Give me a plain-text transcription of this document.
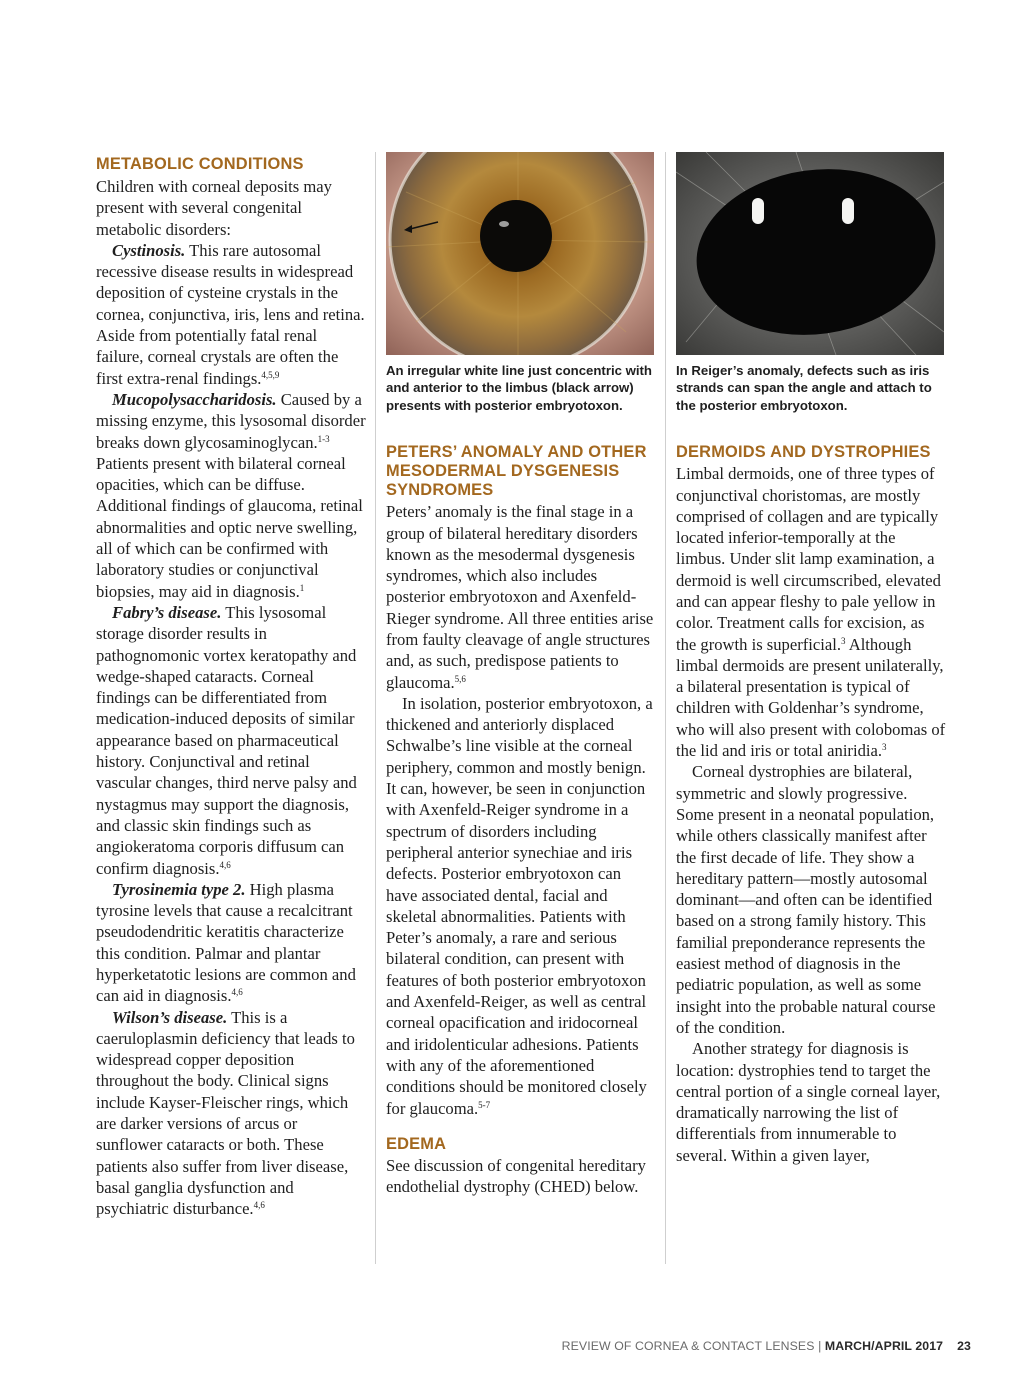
METABOLIC CONDITIONS

Children with corneal deposits may present with several congenital metabolic disorders:

Cystinosis. This rare autosomal recessive disease results in widespread deposition of cysteine crystals in the cornea, conjunctiva, iris, lens and retina. Aside from potentially fatal renal failure, corneal crystals are often the first extra-renal findings.$^{4,5,9}$

Mucopolysaccharidosis. Caused by a missing enzyme, this lysosomal disorder breaks down glycosaminoglycan.$^{1-3}$ Patients present with bilateral corneal opacities, which can be diffuse. Additional findings of glaucoma, retinal abnormalities and optic nerve swelling, all of which can be confirmed with laboratory studies or conjunctival biopsies, may aid in diagnosis.$^1$

Fabry’s disease. This lysosomal storage disorder results in pathognomonic vortex keratopathy and wedge-shaped cataracts. Corneal findings can be differentiated from medication-induced deposits of similar appearance based on pharmaceutical history. Conjunctival and retinal vascular changes, third nerve palsy and nystagmus may support the diagnosis, and classic skin findings such as angiokeratoma corporis diffusum can confirm diagnosis.$^{4,6}$

Tyrosinemia type 2. High plasma tyrosine levels that cause a recalcitrant pseudodendritic keratitis characterize this condition. Palmar and plantar hyperketatotic lesions are common and can aid in diagnosis.$^{4,6}$

Wilson’s disease. This is a caeruloplasmin deficiency that leads to widespread copper deposition throughout the body. Clinical signs include Kayser-Fleischer rings, which are darker versions of arcus or sunflower cataracts or both. These patients also suffer from liver disease, basal ganglia dysfunction and psychiatric disturbance.$^{4,6}$

An irregular white line just concentric with and anterior to the limbus (black arrow) presents with posterior embryotoxon.
PETERS’ ANOMALY AND OTHER MESODERMAL DYSGENESIS SYNDROMES

Peters’ anomaly is the final stage in a group of bilateral hereditary disorders known as the mesodermal dysgenesis syndromes, which also includes posterior embryotoxon and Axenfeld-Rieger syndrome. All three entities arise from faulty cleavage of angle structures and, as such, predispose patients to glaucoma.$^{5,6}$

In isolation, posterior embryotoxon, a thickened and anteriorly displaced Schwalbe’s line visible at the corneal periphery, common and mostly benign. It can, however, be seen in conjunction with Axenfeld-Reiger syndrome in a spectrum of disorders including peripheral anterior synechiae and iris defects. Posterior embryotoxon can have associated dental, facial and skeletal abnormalities. Patients with Peter’s anomaly, a rare and serious bilateral condition, can present with features of both posterior embryotoxon and Axenfeld-Reiger, as well as central corneal opacification and iridocorneal and iridolenticular adhesions. Patients with any of the aforementioned conditions should be monitored closely for glaucoma.$^{5-7}$

EDEMA

See discussion of congenital hereditary endothelial dystrophy (CHED) below.

In Reiger’s anomaly, defects such as iris strands can span the angle and attach to the posterior embryotoxon.
DERMOIDS AND DYSTROPHIES

Limbal dermoids, one of three types of conjunctival choristomas, are mostly comprised of collagen and are typically located inferior-temporally at the limbus. Under slit lamp examination, a dermoid is well circumscribed, elevated and can appear fleshy to pale yellow in color. Treatment calls for excision, as the growth is superficial.$^3$ Although limbal dermoids are present unilaterally, a bilateral presentation is typical of children with Goldenhar’s syndrome, who will also present with colobomas of the lid and iris or total aniridia.$^3$

Corneal dystrophies are bilateral, symmetric and slowly progressive. Some present in a neonatal population, while others classically manifest after the first decade of life. They show a hereditary pattern—mostly autosomal dominant—and often can be identified based on a strong family history. This familial preponderance represents the easiest method of diagnosis in the pediatric population, as well as some insight into the probable natural course of the condition.

Another strategy for diagnosis is location: dystrophies tend to target the central portion of a single corneal layer, dramatically narrowing the list of differentials from innumerable to several. Within a given layer,

REVIEW OF CORNEA & CONTACT LENSES | MARCH/APRIL 2017 23
